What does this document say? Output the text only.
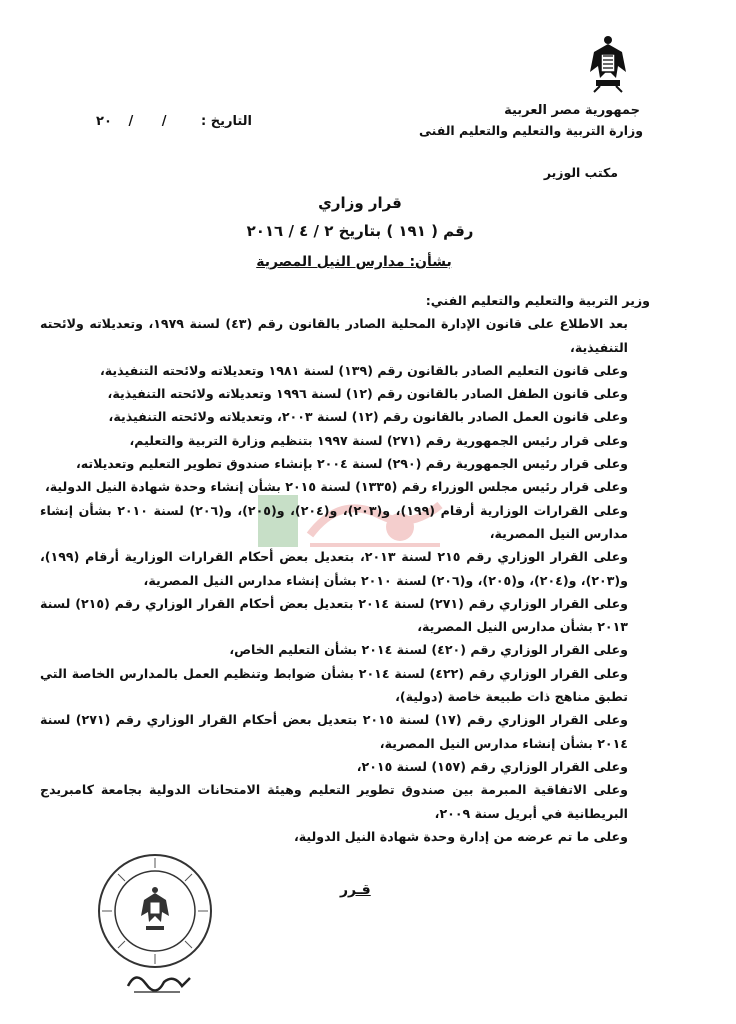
جمهورية مصر العربية
وزارة التربية والتعليم والتعليم الفنى
مكتب الوزير
التاريخ : / / ٢٠
قرار وزاري
رقم ( ١٩١ ) بتاريخ ٢ / ٤ / ٢٠١٦
بشأن: مدارس النيل المصرية

وزير التربية والتعليم والتعليم الفني:

بعد الاطلاع على قانون الإدارة المحلية الصادر بالقانون رقم (٤٣) لسنة ١٩٧٩، وتعديلاته ولائحته التنفيذية،

وعلى قانون التعليم الصادر بالقانون رقم (١٣٩) لسنة ١٩٨١ وتعديلاته ولائحته التنفيذية،

وعلى قانون الطفل الصادر بالقانون رقم (١٢) لسنة ١٩٩٦ وتعديلاته ولائحته التنفيذية،

وعلى قانون العمل الصادر بالقانون رقم (١٢) لسنة ٢٠٠٣، وتعديلاته ولائحته التنفيذية،

وعلى قرار رئيس الجمهورية رقم (٢٧١) لسنة ١٩٩٧ بتنظيم وزارة التربية والتعليم،

وعلى قرار رئيس الجمهورية رقم (٢٩٠) لسنة ٢٠٠٤ بإنشاء صندوق تطوير التعليم وتعديلاته،

وعلى قرار رئيس مجلس الوزراء رقم (١٣٣٥) لسنة ٢٠١٥ بشأن إنشاء وحدة شهادة النيل الدولية،

وعلى القرارات الوزارية أرقام (١٩٩)، و(٢٠٣)، و(٢٠٤)، و(٢٠٥)، و(٢٠٦) لسنة ٢٠١٠ بشأن إنشاء مدارس النيل المصرية،

وعلى القرار الوزاري رقم ٢١٥ لسنة ٢٠١٣، بتعديل بعض أحكام القرارات الوزارية أرقام (١٩٩)، و(٢٠٣)، و(٢٠٤)، و(٢٠٥)، و(٢٠٦) لسنة ٢٠١٠ بشأن إنشاء مدارس النيل المصرية،

وعلى القرار الوزاري رقم (٢٧١) لسنة ٢٠١٤ بتعديل بعض أحكام القرار الوزاري رقم (٢١٥) لسنة ٢٠١٣ بشأن مدارس النيل المصرية،

وعلى القرار الوزاري رقم (٤٢٠) لسنة ٢٠١٤ بشأن التعليم الخاص،

وعلى القرار الوزاري رقم (٤٢٢) لسنة ٢٠١٤ بشأن ضوابط وتنظيم العمل بالمدارس الخاصة التي تطبق مناهج ذات طبيعة خاصة (دولية)،

وعلى القرار الوزاري رقم (١٧) لسنة ٢٠١٥ بتعديل بعض أحكام القرار الوزاري رقم (٢٧١) لسنة ٢٠١٤ بشأن إنشاء مدارس النيل المصرية،

وعلى القرار الوزاري رقم (١٥٧) لسنة ٢٠١٥،

وعلى الاتفاقية المبرمة بين صندوق تطوير التعليم وهيئة الامتحانات الدولية بجامعة كامبريدج البريطانية في أبريل سنة ٢٠٠٩،

وعلى ما تم عرضه من إدارة وحدة شهادة النيل الدولية،

قـرر
